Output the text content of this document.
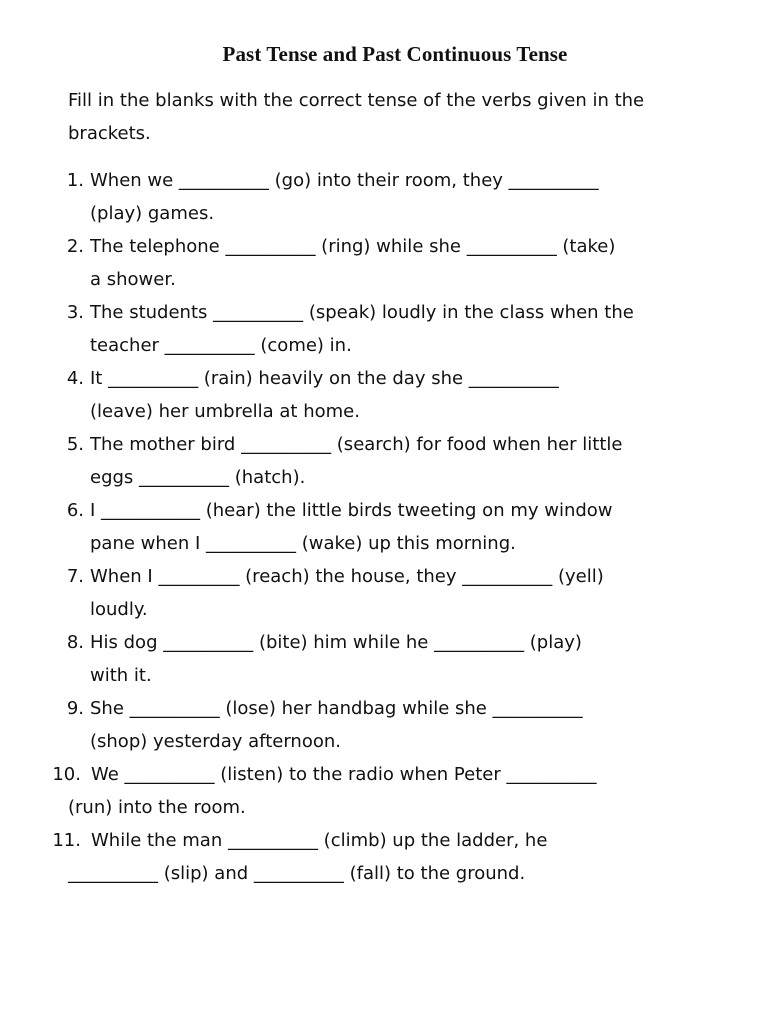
Past Tense and Past Continuous Tense
Fill in the blanks with the correct tense of the verbs given in the
brackets.
1. When we __________ (go) into their room, they __________
(play) games.
2. The telephone __________ (ring) while she __________ (take)
a shower.
3. The students __________ (speak) loudly in the class when the
teacher __________ (come) in.
4. It __________ (rain) heavily on the day she __________
(leave) her umbrella at home.
5. The mother bird __________ (search) for food when her little
eggs __________ (hatch).
6. I ___________ (hear) the little birds tweeting on my window
pane when I __________ (wake) up this morning.
7. When I _________ (reach) the house, they __________ (yell)
loudly.
8. His dog __________ (bite) him while he __________ (play)
with it.
9. She __________ (lose) her handbag while she __________
(shop) yesterday afternoon.
10. We __________ (listen) to the radio when Peter __________
(run) into the room.
11. While the man __________ (climb) up the ladder, he
__________ (slip) and __________ (fall) to the ground.
